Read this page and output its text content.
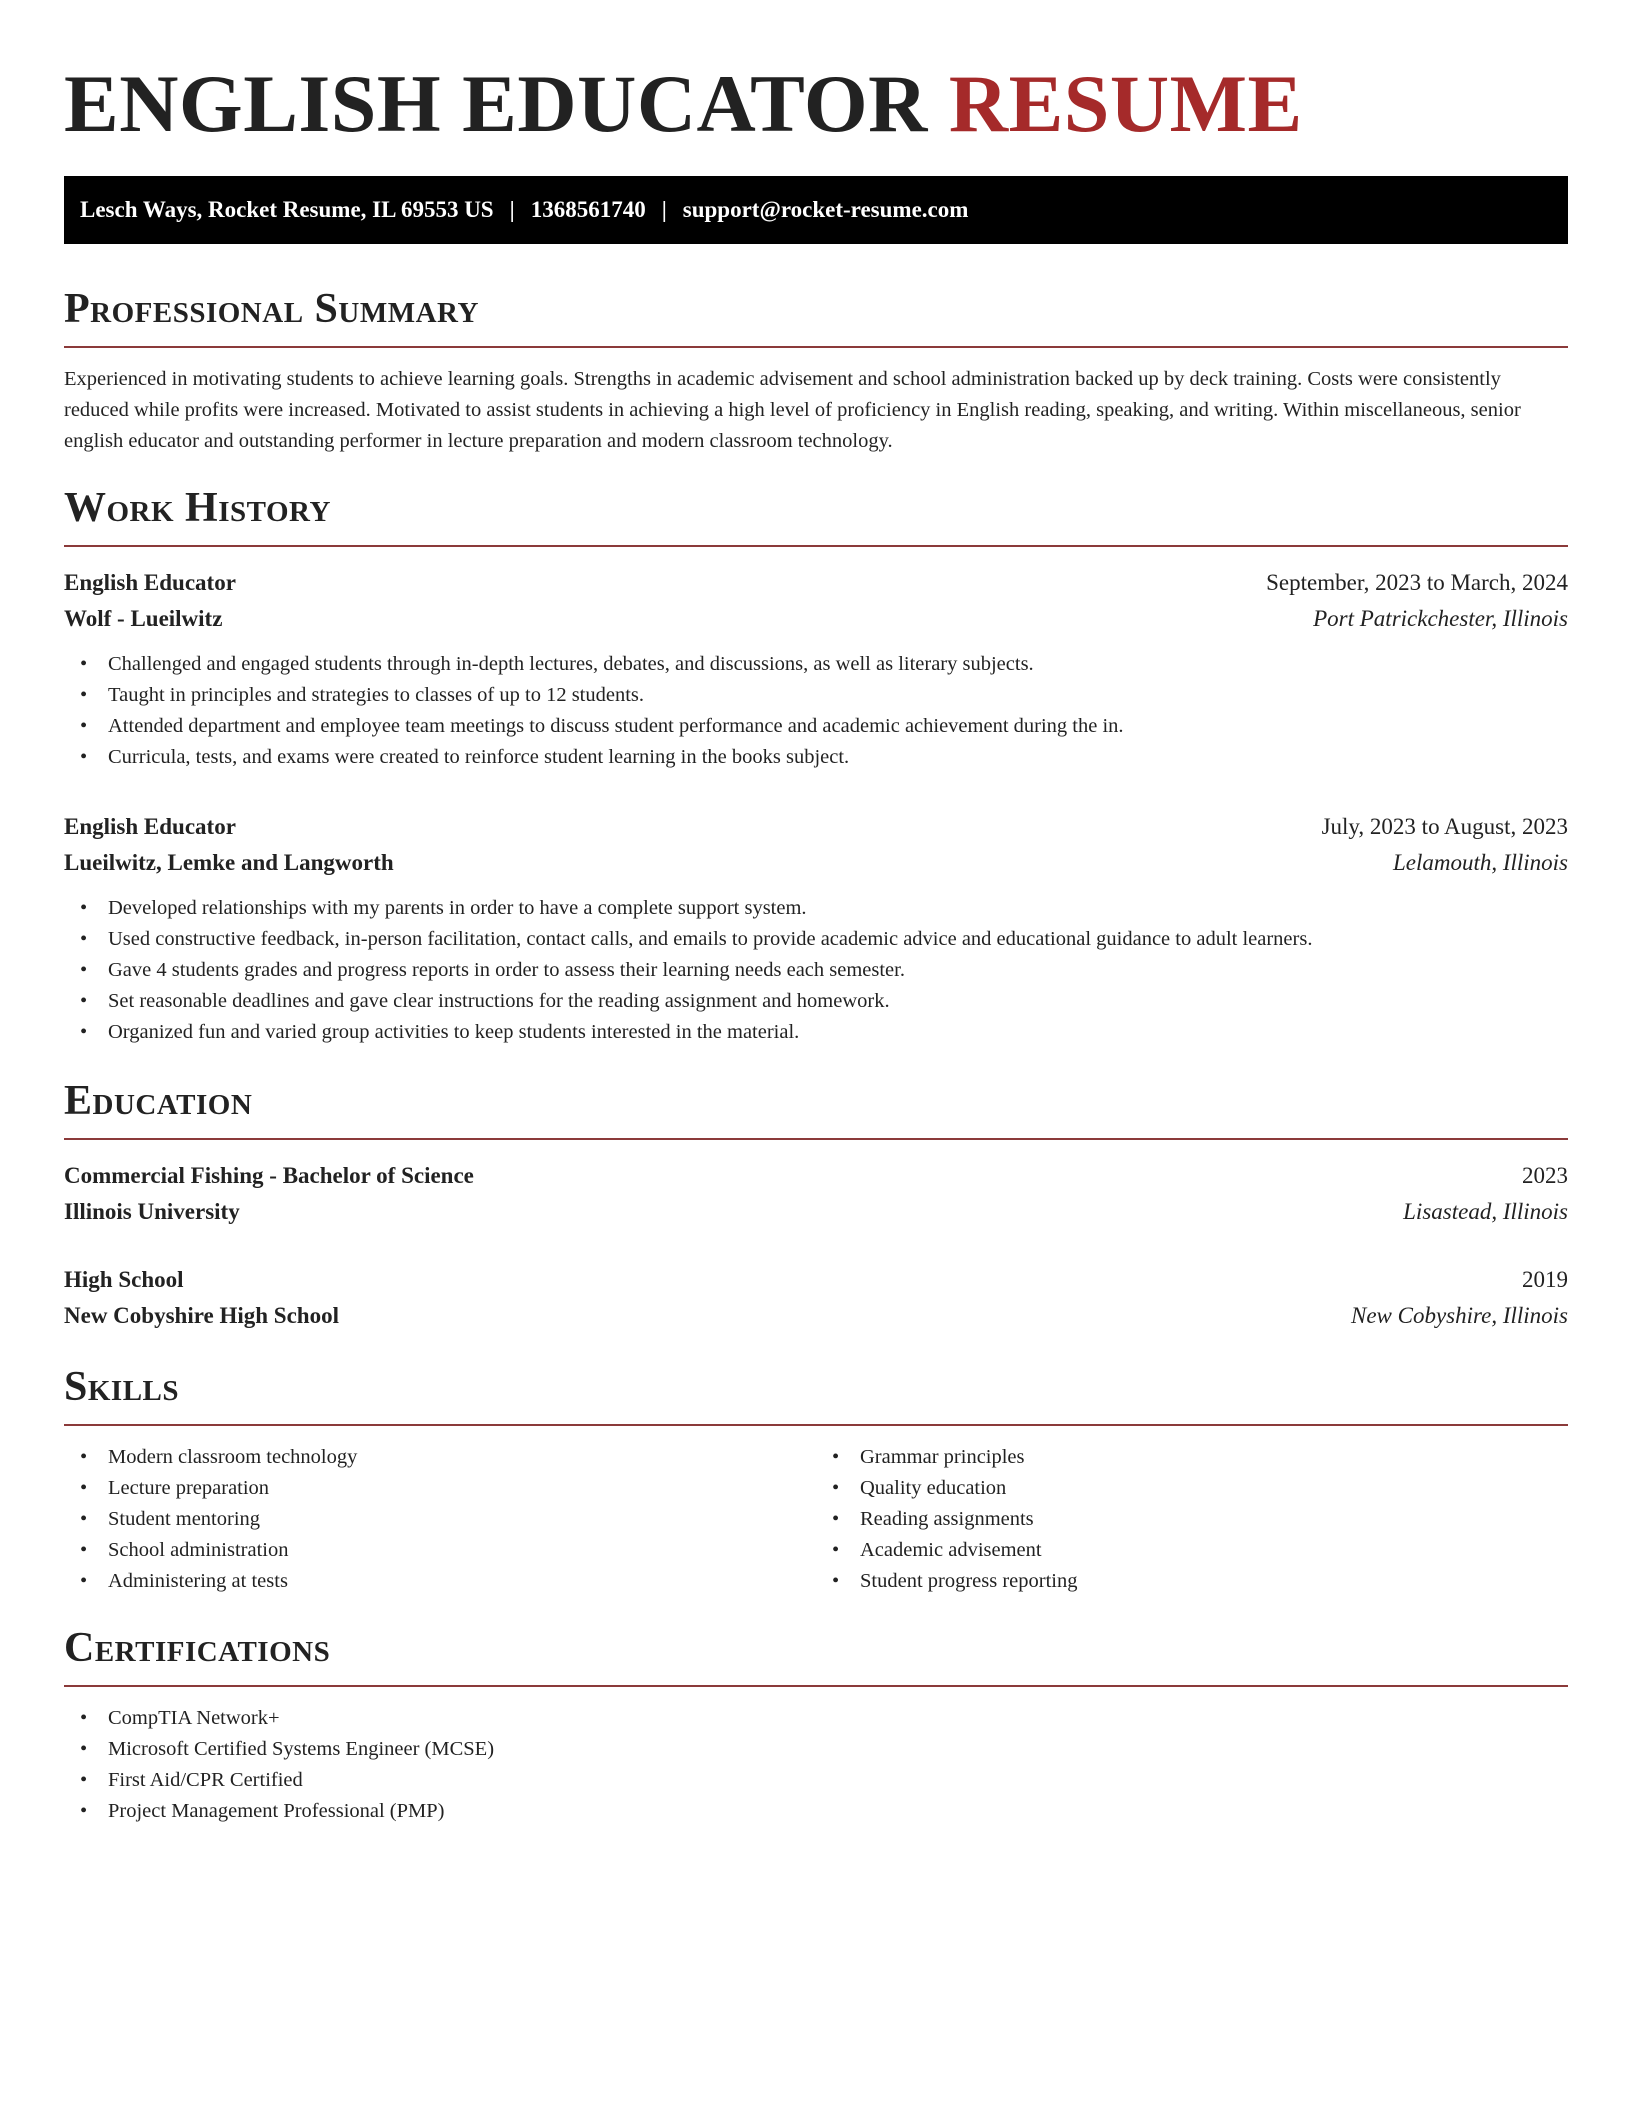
ENGLISH EDUCATOR RESUME
Lesch Ways, Rocket Resume, IL 69553 US | 1368561740 | support@rocket-resume.com
Professional Summary

Experienced in motivating students to achieve learning goals. Strengths in academic advisement and school administration backed up by deck training. Costs were consistently reduced while profits were increased. Motivated to assist students in achieving a high level of proficiency in English reading, speaking, and writing. Within miscellaneous, senior english educator and outstanding performer in lecture preparation and modern classroom technology.

Work History
English Educator	September, 2023 to March, 2024
Wolf - Lueilwitz	Port Patrickchester, Illinois
• Challenged and engaged students through in-depth lectures, debates, and discussions, as well as literary subjects.
• Taught in principles and strategies to classes of up to 12 students.
• Attended department and employee team meetings to discuss student performance and academic achievement during the in.
• Curricula, tests, and exams were created to reinforce student learning in the books subject.
English Educator	July, 2023 to August, 2023
Lueilwitz, Lemke and Langworth	Lelamouth, Illinois
• Developed relationships with my parents in order to have a complete support system.
• Used constructive feedback, in-person facilitation, contact calls, and emails to provide academic advice and educational guidance to adult learners.
• Gave 4 students grades and progress reports in order to assess their learning needs each semester.
• Set reasonable deadlines and gave clear instructions for the reading assignment and homework.
• Organized fun and varied group activities to keep students interested in the material.
Education
Commercial Fishing - Bachelor of Science	2023
Illinois University	Lisastead, Illinois
High School	2019
New Cobyshire High School	New Cobyshire, Illinois
Skills
• Modern classroom technology
• Lecture preparation
• Student mentoring
• School administration
• Administering at tests
• Grammar principles
• Quality education
• Reading assignments
• Academic advisement
• Student progress reporting
Certifications
• CompTIA Network+
• Microsoft Certified Systems Engineer (MCSE)
• First Aid/CPR Certified
• Project Management Professional (PMP)
